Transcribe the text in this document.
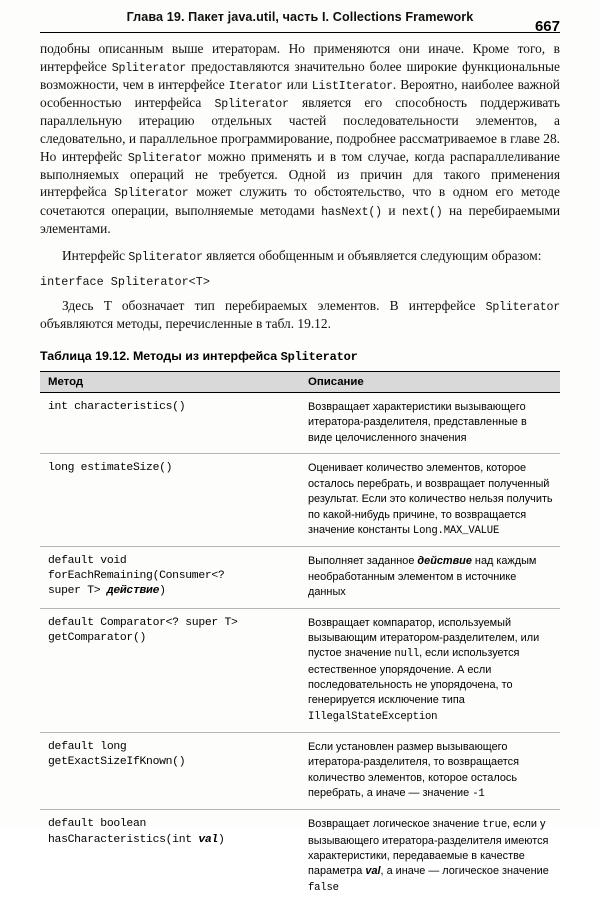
Глава 19. Пакет java.util, часть I. Collections Framework
667

подобны описанным выше итераторам. Но применяются они иначе. Кроме того, в интерфейсе Spliterator предоставляются значительно более широкие функциональные возможности, чем в интерфейсе Iterator или ListIterator. Вероятно, наиболее важной особенностью интерфейса Spliterator является его способность поддерживать параллельную итерацию отдельных частей последовательности элементов, а следовательно, и параллельное программирование, подробнее рассматриваемое в главе 28. Но интерфейс Spliterator можно применять и в том случае, когда распараллеливание выполняемых операций не требуется. Одной из причин для такого применения интерфейса Spliterator может служить то обстоятельство, что в одном его методе сочетаются операции, выполняемые методами hasNext() и next() на перебираемыми элементами.

Интерфейс Spliterator является обобщенным и объявляется следующим образом:

interface Spliterator<T>

Здесь T обозначает тип перебираемых элементов. В интерфейсе Spliterator объявляются методы, перечисленные в табл. 19.12.

Таблица 19.12. Методы из интерфейса Spliterator
Метод	Описание
int characteristics()	Возвращает характеристики вызывающего итератора-разделителя, представленные в виде целочисленного значения
long estimateSize()	Оценивает количество элементов, которое осталось перебрать, и возвращает полученный результат. Если это количество нельзя получить по какой-нибудь причине, то возвращается значение константы Long.MAX_VALUE
default void
forEachRemaining(Consumer<?
super T> действие)	Выполняет заданное действие над каждым необработанным элементом в источнике данных
default Comparator<? super T>
getComparator()	Возвращает компаратор, используемый вызывающим итератором-разделителем, или пустое значение null, если используется естественное упорядочение. А если последовательность не упорядочена, то генерируется исключение типа IllegalStateException
default long
getExactSizeIfKnown()	Если установлен размер вызывающего итератора-разделителя, то возвращается количество элементов, которое осталось перебрать, а иначе — значение -1
default boolean
hasCharacteristics(int val)	Возвращает логическое значение true, если у вызывающего итератора-разделителя имеются характеристики, передаваемые в качестве параметра val, а иначе — логическое значение false
